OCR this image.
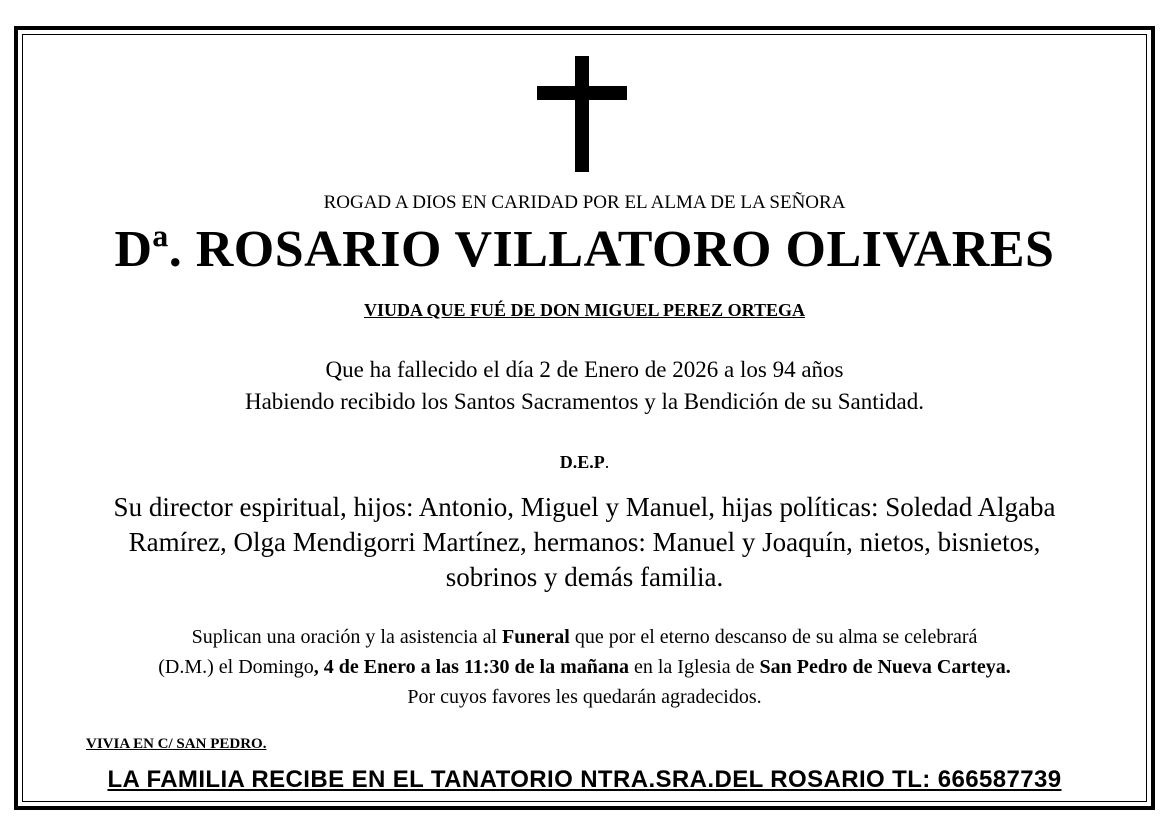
ROGAD A DIOS EN CARIDAD POR EL ALMA DE LA SEÑORA
Dª. ROSARIO VILLATORO OLIVARES
VIUDA QUE FUÉ DE DON MIGUEL PEREZ ORTEGA
Que ha fallecido el día 2 de Enero de 2026 a los 94 años
Habiendo recibido los Santos Sacramentos y la Bendición de su Santidad.
D.E.P.
Su director espiritual, hijos: Antonio, Miguel y Manuel, hijas políticas: Soledad Algaba
Ramírez, Olga Mendigorri Martínez, hermanos: Manuel y Joaquín, nietos, bisnietos,
sobrinos y demás familia.
Suplican una oración y la asistencia al Funeral que por el eterno descanso de su alma se celebrará
(D.M.) el Domingo, 4 de Enero a las 11:30 de la mañana en la Iglesia de San Pedro de Nueva Carteya.
Por cuyos favores les quedarán agradecidos.
VIVIA EN C/ SAN PEDRO.
LA FAMILIA RECIBE EN EL TANATORIO NTRA.SRA.DEL ROSARIO TL: 666587739
